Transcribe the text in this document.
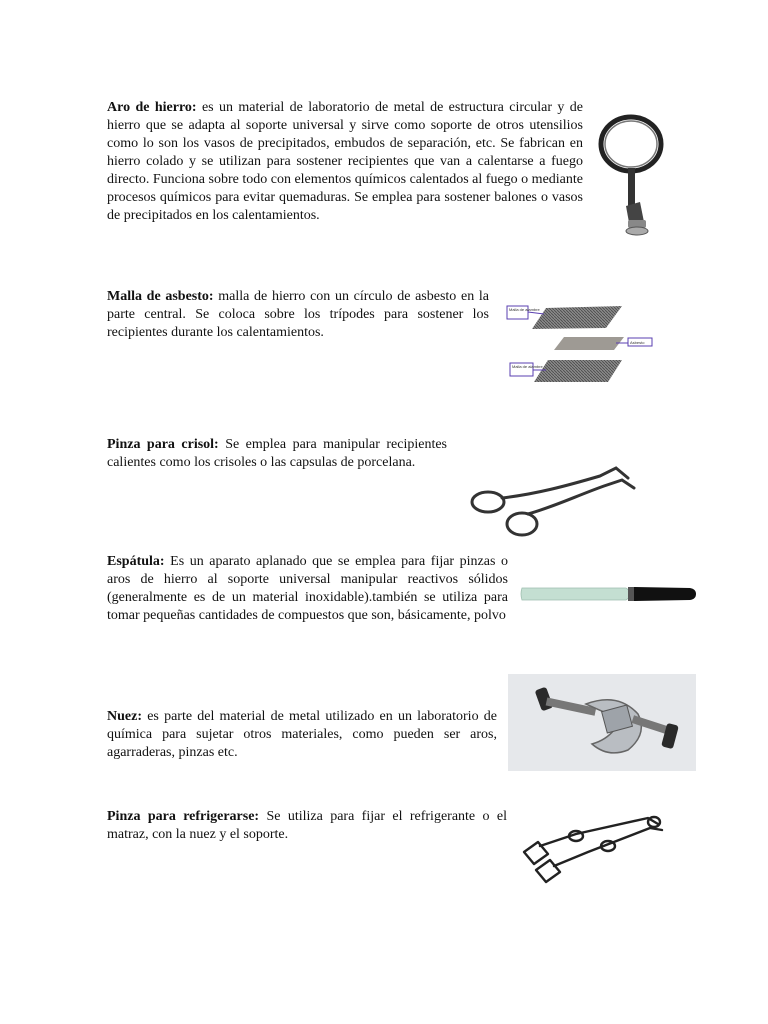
Aro de hierro: es un material de laboratorio de metal de estructura circular y de hierro que se adapta al soporte universal y sirve como soporte de otros utensilios como lo son los vasos de precipitados, embudos de separación, etc. Se fabrican en hierro colado y se utilizan para sostener recipientes que van a calentarse a fuego directo. Funciona sobre todo con elementos químicos calentados al fuego o mediante procesos químicos para evitar quemaduras. Se emplea para sostener balones o vasos de precipitados en los calentamientos.
Malla de asbesto: malla de hierro con un círculo de asbesto en la parte central. Se coloca sobre los trípodes para sostener los recipientes durante los calentamientos.
Malla de alambre
Asbesto
Malla de alambre
Pinza para crisol: Se emplea para manipular recipientes calientes como los crisoles o las capsulas de porcelana.
Espátula: Es un aparato aplanado que se emplea para fijar pinzas o aros de hierro al soporte universal manipular reactivos sólidos (generalmente es de un material inoxidable).también se utiliza para tomar pequeñas cantidades de compuestos que son, básicamente, polvo
Nuez: es parte del material de metal utilizado en un laboratorio de química para sujetar otros materiales, como pueden ser aros, agarraderas, pinzas etc.
Pinza para refrigerarse: Se utiliza para fijar el refrigerante o el matraz, con la nuez y el soporte.
